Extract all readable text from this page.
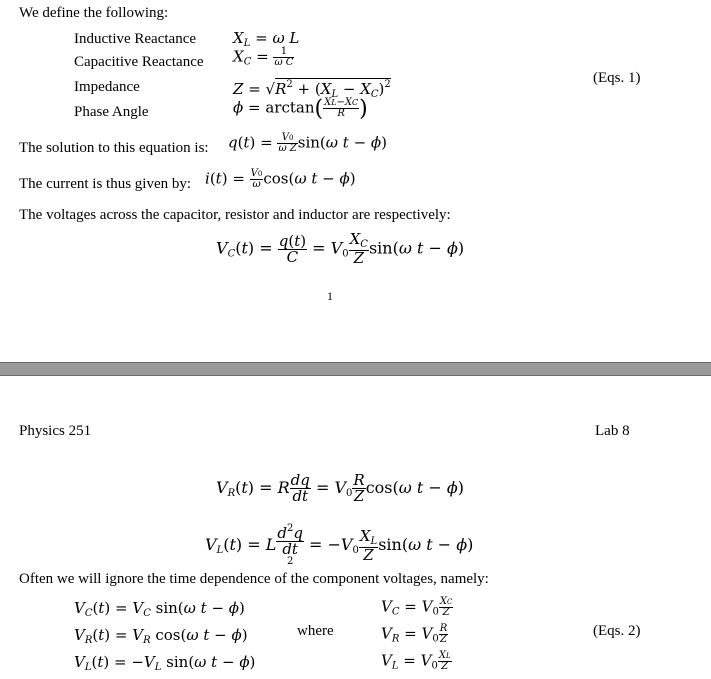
We define the following:
Inductive Reactance
Capacitive Reactance
Impedance
Phase Angle
$X_L = \omega$ L
$X_C = \frac{1}{\text{ω C}}$
$Z = √R^2 + (X_L - X_C)^2$
$\phi = \arctan( \frac{XL-XC}{R}$ )
(Eqs. 1)
The solution to this equation is: $q(t) = \frac{V0}{\text{ω Z}} \sin(\omega$ t − ϕ)
The current is thus given by: $i(t) = \frac{V0}{\omega} \cos(\omega$ t − ϕ)
The voltages across the capacitor, resistor and inductor are respectively:
$V_C(t) = \frac{q(t)}{C} = V_0 \frac{X_C}{Z} \sin(\omega$ t − ϕ)
1
Physics 251	Lab 8
$V_R(t) = R \frac{dq}{dt} = V_0 \frac{R}{Z} \cos(\omega$ t − ϕ)
$V_L(t) = L$
$d^2q$
dt
2
= $-V_0 \frac{X_L}{Z} \sin(\omega$ t − ϕ)
Often we will ignore the time dependence of the component voltages, namely:
$V_C(t) = V_C$ sin(ω t − ϕ)
$V_R(t) = V_R$ cos(ω t − ϕ)
$V_L(t) = -V_L$ sin(ω t − ϕ)
where
$V_C = V_0 \frac{XC}{Z}$
$V_R = V_0 \frac{R}{Z}$
$V_L = V_0 \frac{XL}{Z}$
(Eqs. 2)
